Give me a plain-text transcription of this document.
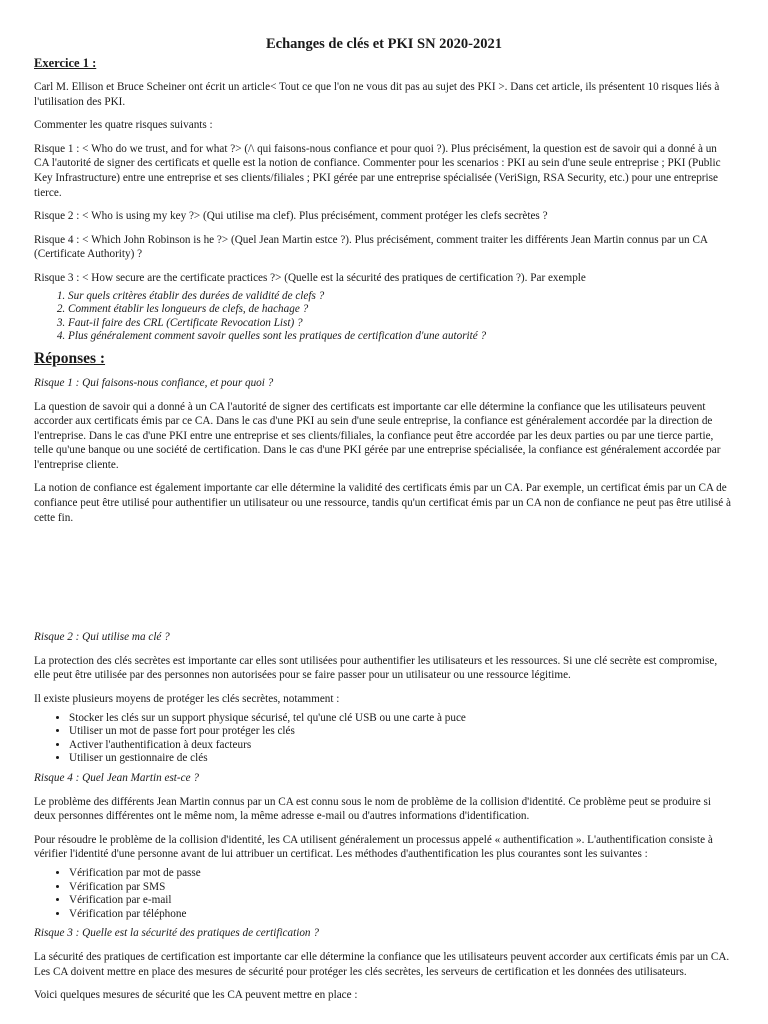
Echanges de clés et PKI SN 2020-2021
Exercice 1 :

Carl M. Ellison et Bruce Scheiner ont écrit un article< Tout ce que l'on ne vous dit pas au sujet des PKI >. Dans cet article, ils présentent 10 risques liés à l'utilisation des PKI.

Commenter les quatre risques suivants :

Risque 1 : < Who do we trust, and for what ?> (/\ qui faisons-nous confiance et pour quoi ?). Plus précisément, la question est de savoir qui a donné à un CA l'autorité de signer des certificats et quelle est la notion de confiance. Commenter pour les scenarios : PKI au sein d'une seule entreprise ; PKI (Public Key Infrastructure) entre une entreprise et ses clients/filiales ; PKI gérée par une entreprise spécialisée (VeriSign, RSA Security, etc.) pour une entreprise tierce.

Risque 2 : < Who is using my key ?> (Qui utilise ma clef). Plus précisément, comment protéger les clefs secrètes ?

Risque 4 : < Which John Robinson is he ?> (Quel Jean Martin estce ?). Plus précisément, comment traiter les différents Jean Martin connus par un CA (Certificate Authority) ?

Risque 3 : < How secure are the certificate practices ?> (Quelle est la sécurité des pratiques de certification ?). Par exemple

1. Sur quels critères établir des durées de validité de clefs ?
2. Comment établir les longueurs de clefs, de hachage ?
3. Faut-il faire des CRL (Certificate Revocation List) ?
4. Plus généralement comment savoir quelles sont les pratiques de certification d'une autorité ?
Réponses :

Risque 1 : Qui faisons-nous confiance, et pour quoi ?

La question de savoir qui a donné à un CA l'autorité de signer des certificats est importante car elle détermine la confiance que les utilisateurs peuvent accorder aux certificats émis par ce CA. Dans le cas d'une PKI au sein d'une seule entreprise, la confiance est généralement accordée par la direction de l'entreprise. Dans le cas d'une PKI entre une entreprise et ses clients/filiales, la confiance peut être accordée par les deux parties ou par une tierce partie, telle qu'une banque ou une société de certification. Dans le cas d'une PKI gérée par une entreprise spécialisée, la confiance est généralement accordée par l'entreprise cliente.

La notion de confiance est également importante car elle détermine la validité des certificats émis par un CA. Par exemple, un certificat émis par un CA de confiance peut être utilisé pour authentifier un utilisateur ou une ressource, tandis qu'un certificat émis par un CA non de confiance ne peut pas être utilisé à cette fin.

Risque 2 : Qui utilise ma clé ?

La protection des clés secrètes est importante car elles sont utilisées pour authentifier les utilisateurs et les ressources. Si une clé secrète est compromise, elle peut être utilisée par des personnes non autorisées pour se faire passer pour un utilisateur ou une ressource légitime.

Il existe plusieurs moyens de protéger les clés secrètes, notamment :

• Stocker les clés sur un support physique sécurisé, tel qu'une clé USB ou une carte à puce
• Utiliser un mot de passe fort pour protéger les clés
• Activer l'authentification à deux facteurs
• Utiliser un gestionnaire de clés

Risque 4 : Quel Jean Martin est-ce ?

Le problème des différents Jean Martin connus par un CA est connu sous le nom de problème de la collision d'identité. Ce problème peut se produire si deux personnes différentes ont le même nom, la même adresse e-mail ou d'autres informations d'identification.

Pour résoudre le problème de la collision d'identité, les CA utilisent généralement un processus appelé « authentification ». L'authentification consiste à vérifier l'identité d'une personne avant de lui attribuer un certificat. Les méthodes d'authentification les plus courantes sont les suivantes :

• Vérification par mot de passe
• Vérification par SMS
• Vérification par e-mail
• Vérification par téléphone

Risque 3 : Quelle est la sécurité des pratiques de certification ?

La sécurité des pratiques de certification est importante car elle détermine la confiance que les utilisateurs peuvent accorder aux certificats émis par un CA. Les CA doivent mettre en place des mesures de sécurité pour protéger les clés secrètes, les serveurs de certification et les données des utilisateurs.

Voici quelques mesures de sécurité que les CA peuvent mettre en place :
